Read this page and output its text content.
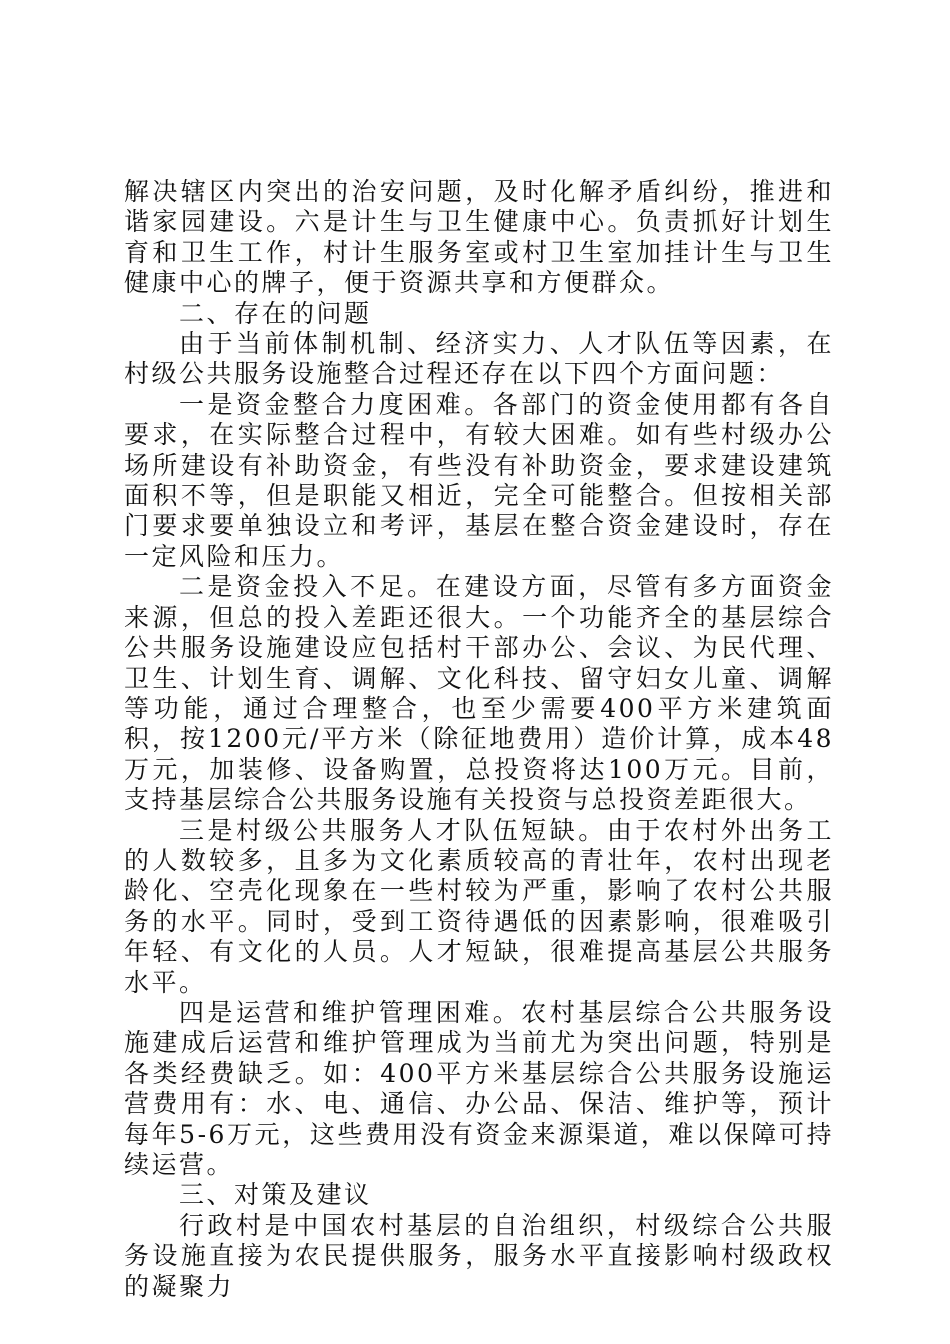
解决辖区内突出的治安问题，及时化解矛盾纠纷，推进和谐家园建设。六是计生与卫生健康中心。负责抓好计划生育和卫生工作，村计生服务室或村卫生室加挂计生与卫生健康中心的牌子，便于资源共享和方便群众。

二、存在的问题

由于当前体制机制、经济实力、人才队伍等因素，在村级公共服务设施整合过程还存在以下四个方面问题：

一是资金整合力度困难。各部门的资金使用都有各自要求，在实际整合过程中，有较大困难。如有些村级办公场所建设有补助资金，有些没有补助资金，要求建设建筑面积不等，但是职能又相近，完全可能整合。但按相关部门要求要单独设立和考评，基层在整合资金建设时，存在一定风险和压力。

二是资金投入不足。在建设方面，尽管有多方面资金来源，但总的投入差距还很大。一个功能齐全的基层综合公共服务设施建设应包括村干部办公、会议、为民代理、卫生、计划生育、调解、文化科技、留守妇女儿童、调解等功能，通过合理整合，也至少需要400平方米建筑面积，按1200元/平方米（除征地费用）造价计算，成本48万元，加装修、设备购置，总投资将达100万元。目前，支持基层综合公共服务设施有关投资与总投资差距很大。

三是村级公共服务人才队伍短缺。由于农村外出务工的人数较多，且多为文化素质较高的青壮年，农村出现老龄化、空壳化现象在一些村较为严重，影响了农村公共服务的水平。同时，受到工资待遇低的因素影响，很难吸引年轻、有文化的人员。人才短缺，很难提高基层公共服务水平。

四是运营和维护管理困难。农村基层综合公共服务设施建成后运营和维护管理成为当前尤为突出问题，特别是各类经费缺乏。如：400平方米基层综合公共服务设施运营费用有：水、电、通信、办公品、保洁、维护等，预计每年5-6万元，这些费用没有资金来源渠道，难以保障可持续运营。

三、对策及建议

行政村是中国农村基层的自治组织，村级综合公共服务设施直接为农民提供服务，服务水平直接影响村级政权的凝聚力
